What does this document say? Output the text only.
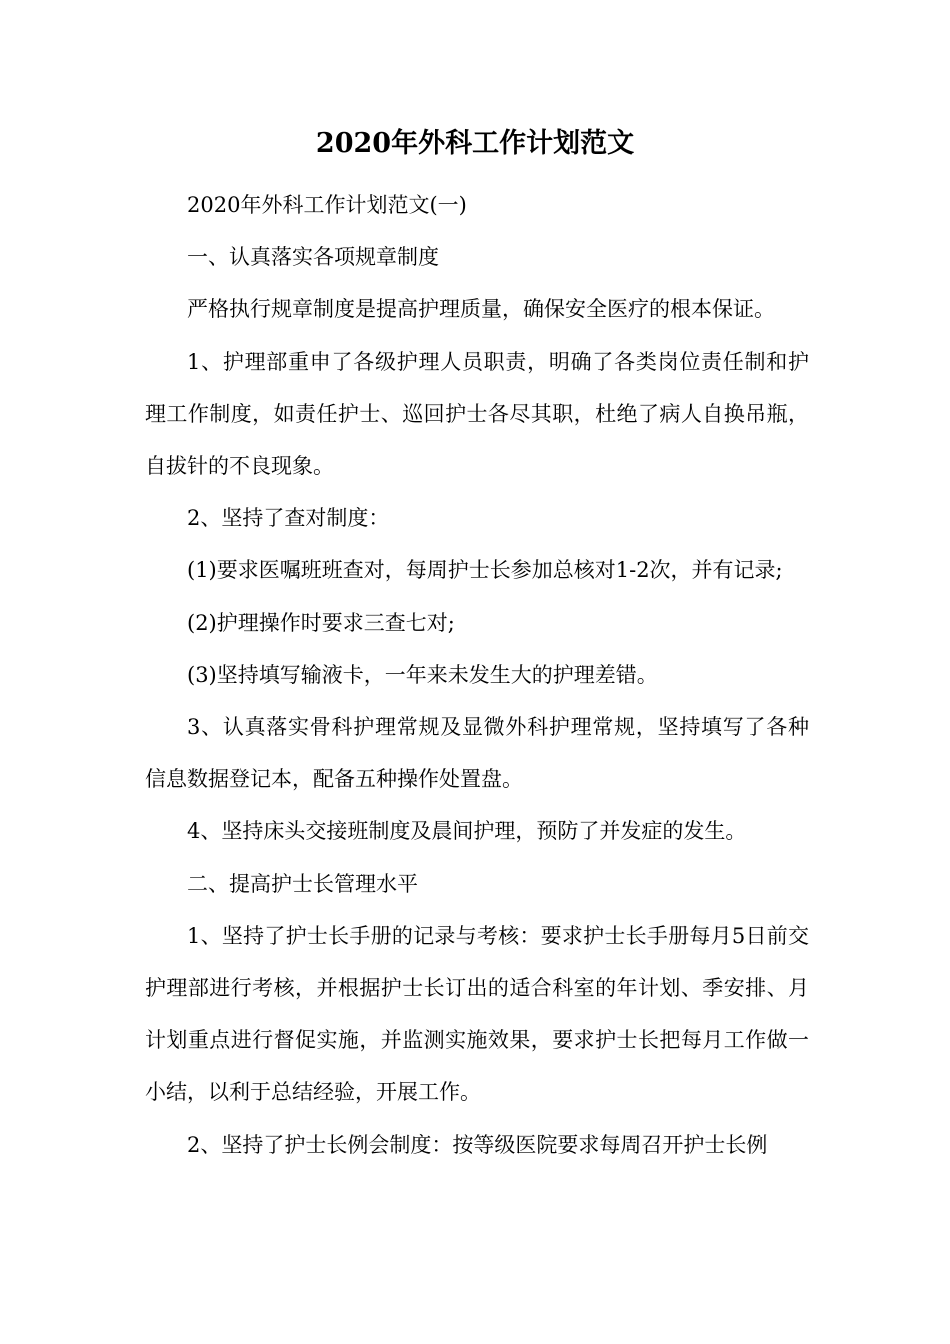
2020年外科工作计划范文

2020年外科工作计划范文(一)

一、认真落实各项规章制度

严格执行规章制度是提高护理质量，确保安全医疗的根本保证。

1、护理部重申了各级护理人员职责，明确了各类岗位责任制和护理工作制度，如责任护士、巡回护士各尽其职，杜绝了病人自换吊瓶，自拔针的不良现象。

2、坚持了查对制度：

(1)要求医嘱班班查对，每周护士长参加总核对1-2次，并有记录;

(2)护理操作时要求三查七对;

(3)坚持填写输液卡，一年来未发生大的护理差错。

3、认真落实骨科护理常规及显微外科护理常规，坚持填写了各种信息数据登记本，配备五种操作处置盘。

4、坚持床头交接班制度及晨间护理，预防了并发症的发生。

二、提高护士长管理水平

1、坚持了护士长手册的记录与考核：要求护士长手册每月5日前交护理部进行考核，并根据护士长订出的适合科室的年计划、季安排、月计划重点进行督促实施，并监测实施效果，要求护士长把每月工作做一小结，以利于总结经验，开展工作。

2、坚持了护士长例会制度：按等级医院要求每周召开护士长例
